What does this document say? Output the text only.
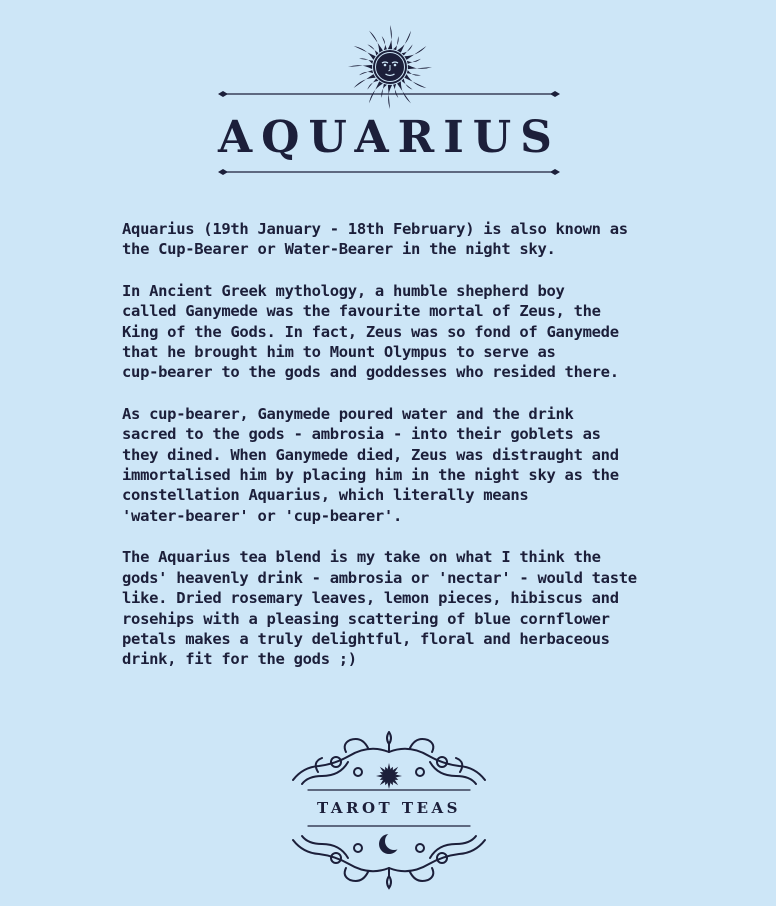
AQUARIUS

Aquarius (19th January - 18th February) is also known as
the Cup-Bearer or Water-Bearer in the night sky.

In Ancient Greek mythology, a humble shepherd boy
called Ganymede was the favourite mortal of Zeus, the
King of the Gods. In fact, Zeus was so fond of Ganymede
that he brought him to Mount Olympus to serve as
cup-bearer to the gods and goddesses who resided there.

As cup-bearer, Ganymede poured water and the drink
sacred to the gods - ambrosia - into their goblets as
they dined. When Ganymede died, Zeus was distraught and
immortalised him by placing him in the night sky as the
constellation Aquarius, which literally means
'water-bearer' or 'cup-bearer'.

The Aquarius tea blend is my take on what I think the
gods' heavenly drink - ambrosia or 'nectar' - would taste
like. Dried rosemary leaves, lemon pieces, hibiscus and
rosehips with a pleasing scattering of blue cornflower
petals makes a truly delightful, floral and herbaceous
drink, fit for the gods ;)

TAROT TEAS
